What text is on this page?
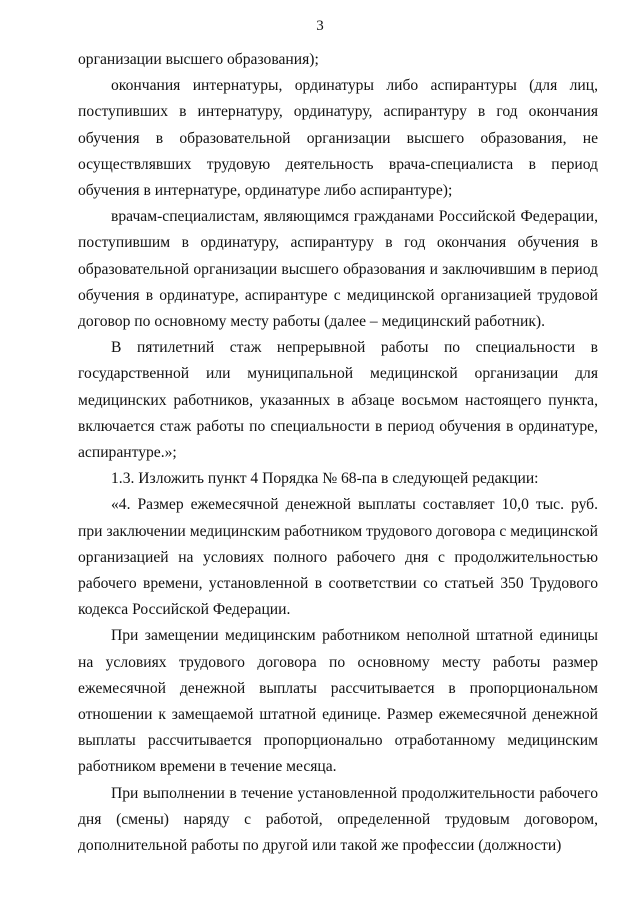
3

организации высшего образования);

окончания интернатуры, ординатуры либо аспирантуры (для лиц, поступивших в интернатуру, ординатуру, аспирантуру в год окончания обучения в образовательной организации высшего образования, не осуществлявших трудовую деятельность врача-специалиста в период обучения в интернатуре, ординатуре либо аспирантуре);

врачам-специалистам, являющимся гражданами Российской Федерации, поступившим в ординатуру, аспирантуру в год окончания обучения в образовательной организации высшего образования и заключившим в период обучения в ординатуре, аспирантуре с медицинской организацией трудовой договор по основному месту работы (далее – медицинский работник).

В пятилетний стаж непрерывной работы по специальности в государственной или муниципальной медицинской организации для медицинских работников, указанных в абзаце восьмом настоящего пункта, включается стаж работы по специальности в период обучения в ординатуре, аспирантуре.»;

1.3. Изложить пункт 4 Порядка № 68-па в следующей редакции:

«4. Размер ежемесячной денежной выплаты составляет 10,0 тыс. руб. при заключении медицинским работником трудового договора с медицинской организацией на условиях полного рабочего дня с продолжительностью рабочего времени, установленной в соответствии со статьей 350 Трудового кодекса Российской Федерации.

При замещении медицинским работником неполной штатной единицы на условиях трудового договора по основному месту работы размер ежемесячной денежной выплаты рассчитывается в пропорциональном отношении к замещаемой штатной единице. Размер ежемесячной денежной выплаты рассчитывается пропорционально отработанному медицинским работником времени в течение месяца.

При выполнении в течение установленной продолжительности рабочего дня (смены) наряду с работой, определенной трудовым договором, дополнительной работы по другой или такой же профессии (должности)
